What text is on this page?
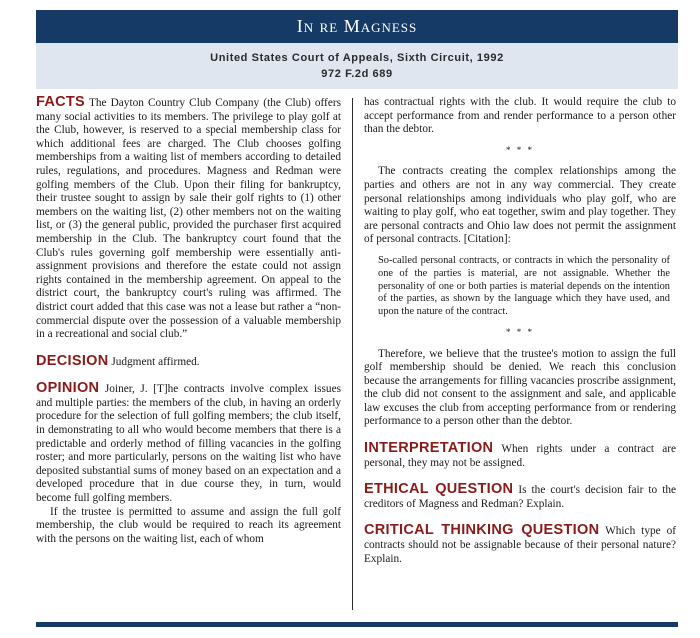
In re Magness
United States Court of Appeals, Sixth Circuit, 1992
972 F.2d 689

FACTS The Dayton Country Club Company (the Club) offers many social activities to its members. The privilege to play golf at the Club, however, is reserved to a special membership class for which additional fees are charged. The Club chooses golfing memberships from a waiting list of members according to detailed rules, regulations, and procedures. Magness and Redman were golfing members of the Club. Upon their filing for bankruptcy, their trustee sought to assign by sale their golf rights to (1) other members on the waiting list, (2) other members not on the waiting list, or (3) the general public, provided the purchaser first acquired membership in the Club. The bankruptcy court found that the Club's rules governing golf membership were essentially anti-assignment provisions and therefore the estate could not assign rights contained in the membership agreement. On appeal to the district court, the bankruptcy court's ruling was affirmed. The district court added that this case was not a lease but rather a “non-commercial dispute over the possession of a valuable membership in a recreational and social club.”

DECISION Judgment affirmed.

OPINION Joiner, J. [T]he contracts involve complex issues and multiple parties: the members of the club, in having an orderly procedure for the selection of full golfing members; the club itself, in demonstrating to all who would become members that there is a predictable and orderly method of filling vacancies in the golfing roster; and more particularly, persons on the waiting list who have deposited substantial sums of money based on an expectation and a developed procedure that in due course they, in turn, would become full golfing members.

If the trustee is permitted to assume and assign the full golf membership, the club would be required to reach its agreement with the persons on the waiting list, each of whom

has contractual rights with the club. It would require the club to accept performance from and render performance to a person other than the debtor.

* * *

The contracts creating the complex relationships among the parties and others are not in any way commercial. They create personal relationships among individuals who play golf, who are waiting to play golf, who eat together, swim and play together. They are personal contracts and Ohio law does not permit the assignment of personal contracts. [Citation]:

So-called personal contracts, or contracts in which the personality of one of the parties is material, are not assignable. Whether the personality of one or both parties is material depends on the intention of the parties, as shown by the language which they have used, and upon the nature of the contract.

* * *

Therefore, we believe that the trustee's motion to assign the full golf membership should be denied. We reach this conclusion because the arrangements for filling vacancies proscribe assignment, the club did not consent to the assignment and sale, and applicable law excuses the club from accepting performance from or rendering performance to a person other than the debtor.

INTERPRETATION When rights under a contract are personal, they may not be assigned.

ETHICAL QUESTION Is the court's decision fair to the creditors of Magness and Redman? Explain.

CRITICAL THINKING QUESTION Which type of contracts should not be assignable because of their personal nature? Explain.
